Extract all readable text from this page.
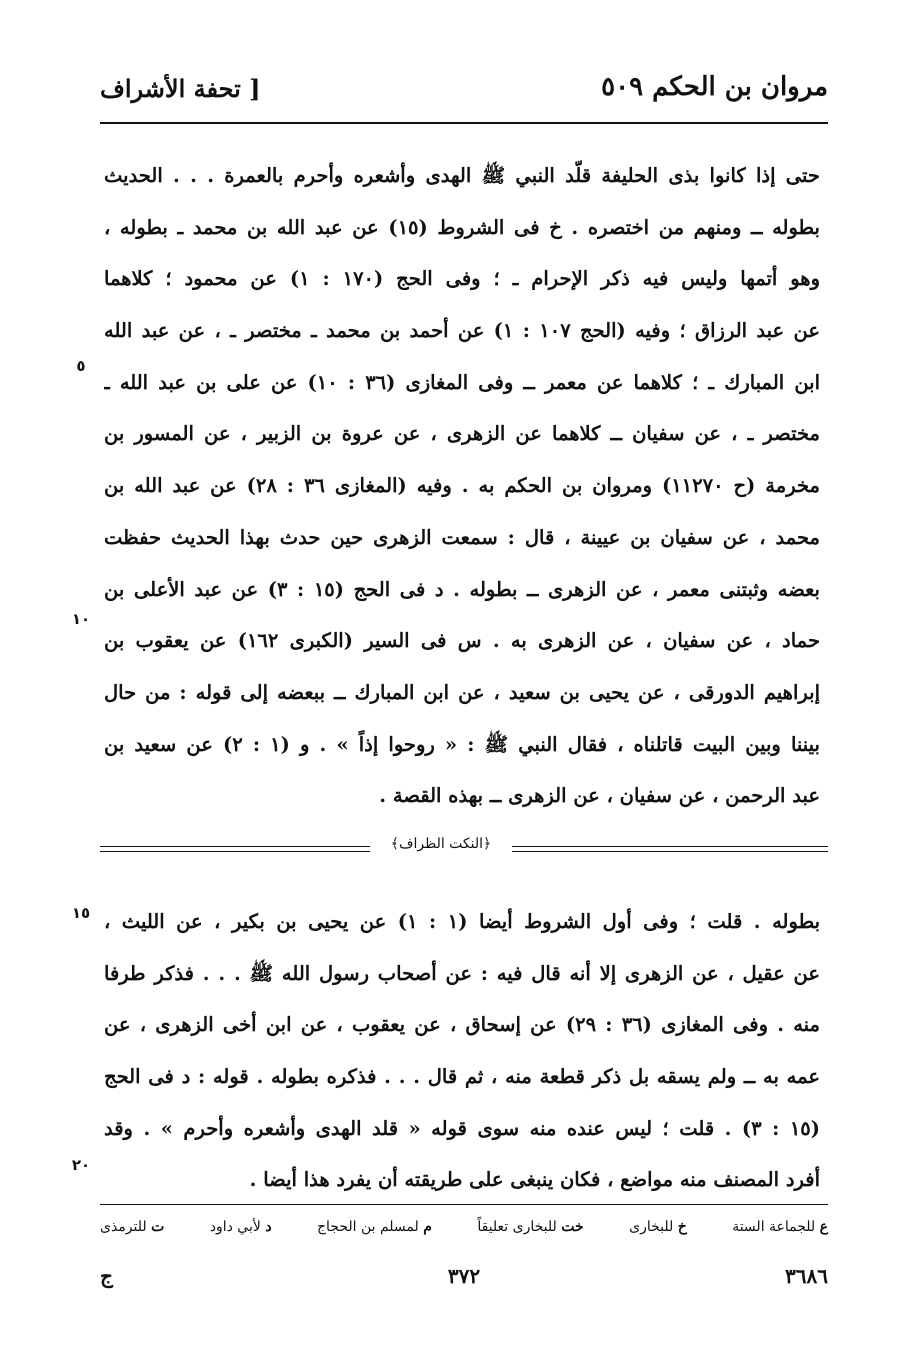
مروان بن الحكم ٥٠٩
[ تحفة الأشراف
حتى إذا كانوا بذى الحليفة قلّد النبي ﷺ الهدى وأشعره وأحرم بالعمرة . . . الحديث
بطوله ــ ومنهم من اختصره . خ فى الشروط (١٥) عن عبد الله بن محمد ـ بطوله ،
وهو أتمها وليس فيه ذكر الإحرام ـ ؛ وفى الحج (١٧٠ : ١) عن محمود ؛ كلاهما
عن عبد الرزاق ؛ وفيه (الحج ١٠٧ : ١) عن أحمد بن محمد ـ مختصر ـ ، عن عبد الله
ابن المبارك ـ ؛ كلاهما عن معمر ــ وفى المغازى (٣٦ : ١٠) عن على بن عبد الله ـ
مختصر ـ ، عن سفيان ــ كلاهما عن الزهرى ، عن عروة بن الزبير ، عن المسور بن
مخرمة (ح ١١٢٧٠) ومروان بن الحكم به . وفيه (المغازى ٣٦ : ٢٨) عن عبد الله بن
محمد ، عن سفيان بن عيينة ، قال : سمعت الزهرى حين حدث بهذا الحديث حفظت
بعضه وثبتنى معمر ، عن الزهرى ــ بطوله . د فى الحج (١٥ : ٣) عن عبد الأعلى بن
حماد ، عن سفيان ، عن الزهرى به . س فى السير (الكبرى ١٦٢) عن يعقوب بن
إبراهيم الدورقى ، عن يحيى بن سعيد ، عن ابن المبارك ــ ببعضه إلى قوله : من حال
بيننا وبين البيت قاتلناه ، فقال النبي ﷺ : « روحوا إذاً » . و (١ : ٢) عن سعيد بن
عبد الرحمن ، عن سفيان ، عن الزهرى ــ بهذه القصة .
٥
١٠
﴿النكت الظراف﴾
بطوله . قلت ؛ وفى أول الشروط أيضا (١ : ١) عن يحيى بن بكير ، عن الليث ،
عن عقيل ، عن الزهرى إلا أنه قال فيه : عن أصحاب رسول الله ﷺ . . . فذكر طرفا
منه . وفى المغازى (٣٦ : ٢٩) عن إسحاق ، عن يعقوب ، عن ابن أخى الزهرى ، عن
عمه به ــ ولم يسقه بل ذكر قطعة منه ، ثم قال . . . فذكره بطوله . قوله : د فى الحج
(١٥ : ٣) . قلت ؛ ليس عنده منه سوى قوله « قلد الهدى وأشعره وأحرم » . وقد
أفرد المصنف منه مواضع ، فكان ينبغى على طريقته أن يفرد هذا أيضا .
١٥
٢٠
ع للجماعة الستة
خ للبخارى
خت للبخارى تعليقاً
م لمسلم بن الحجاج
د لأبي داود
ت للترمذى
٣٦٨٦
٣٧٢
ج
